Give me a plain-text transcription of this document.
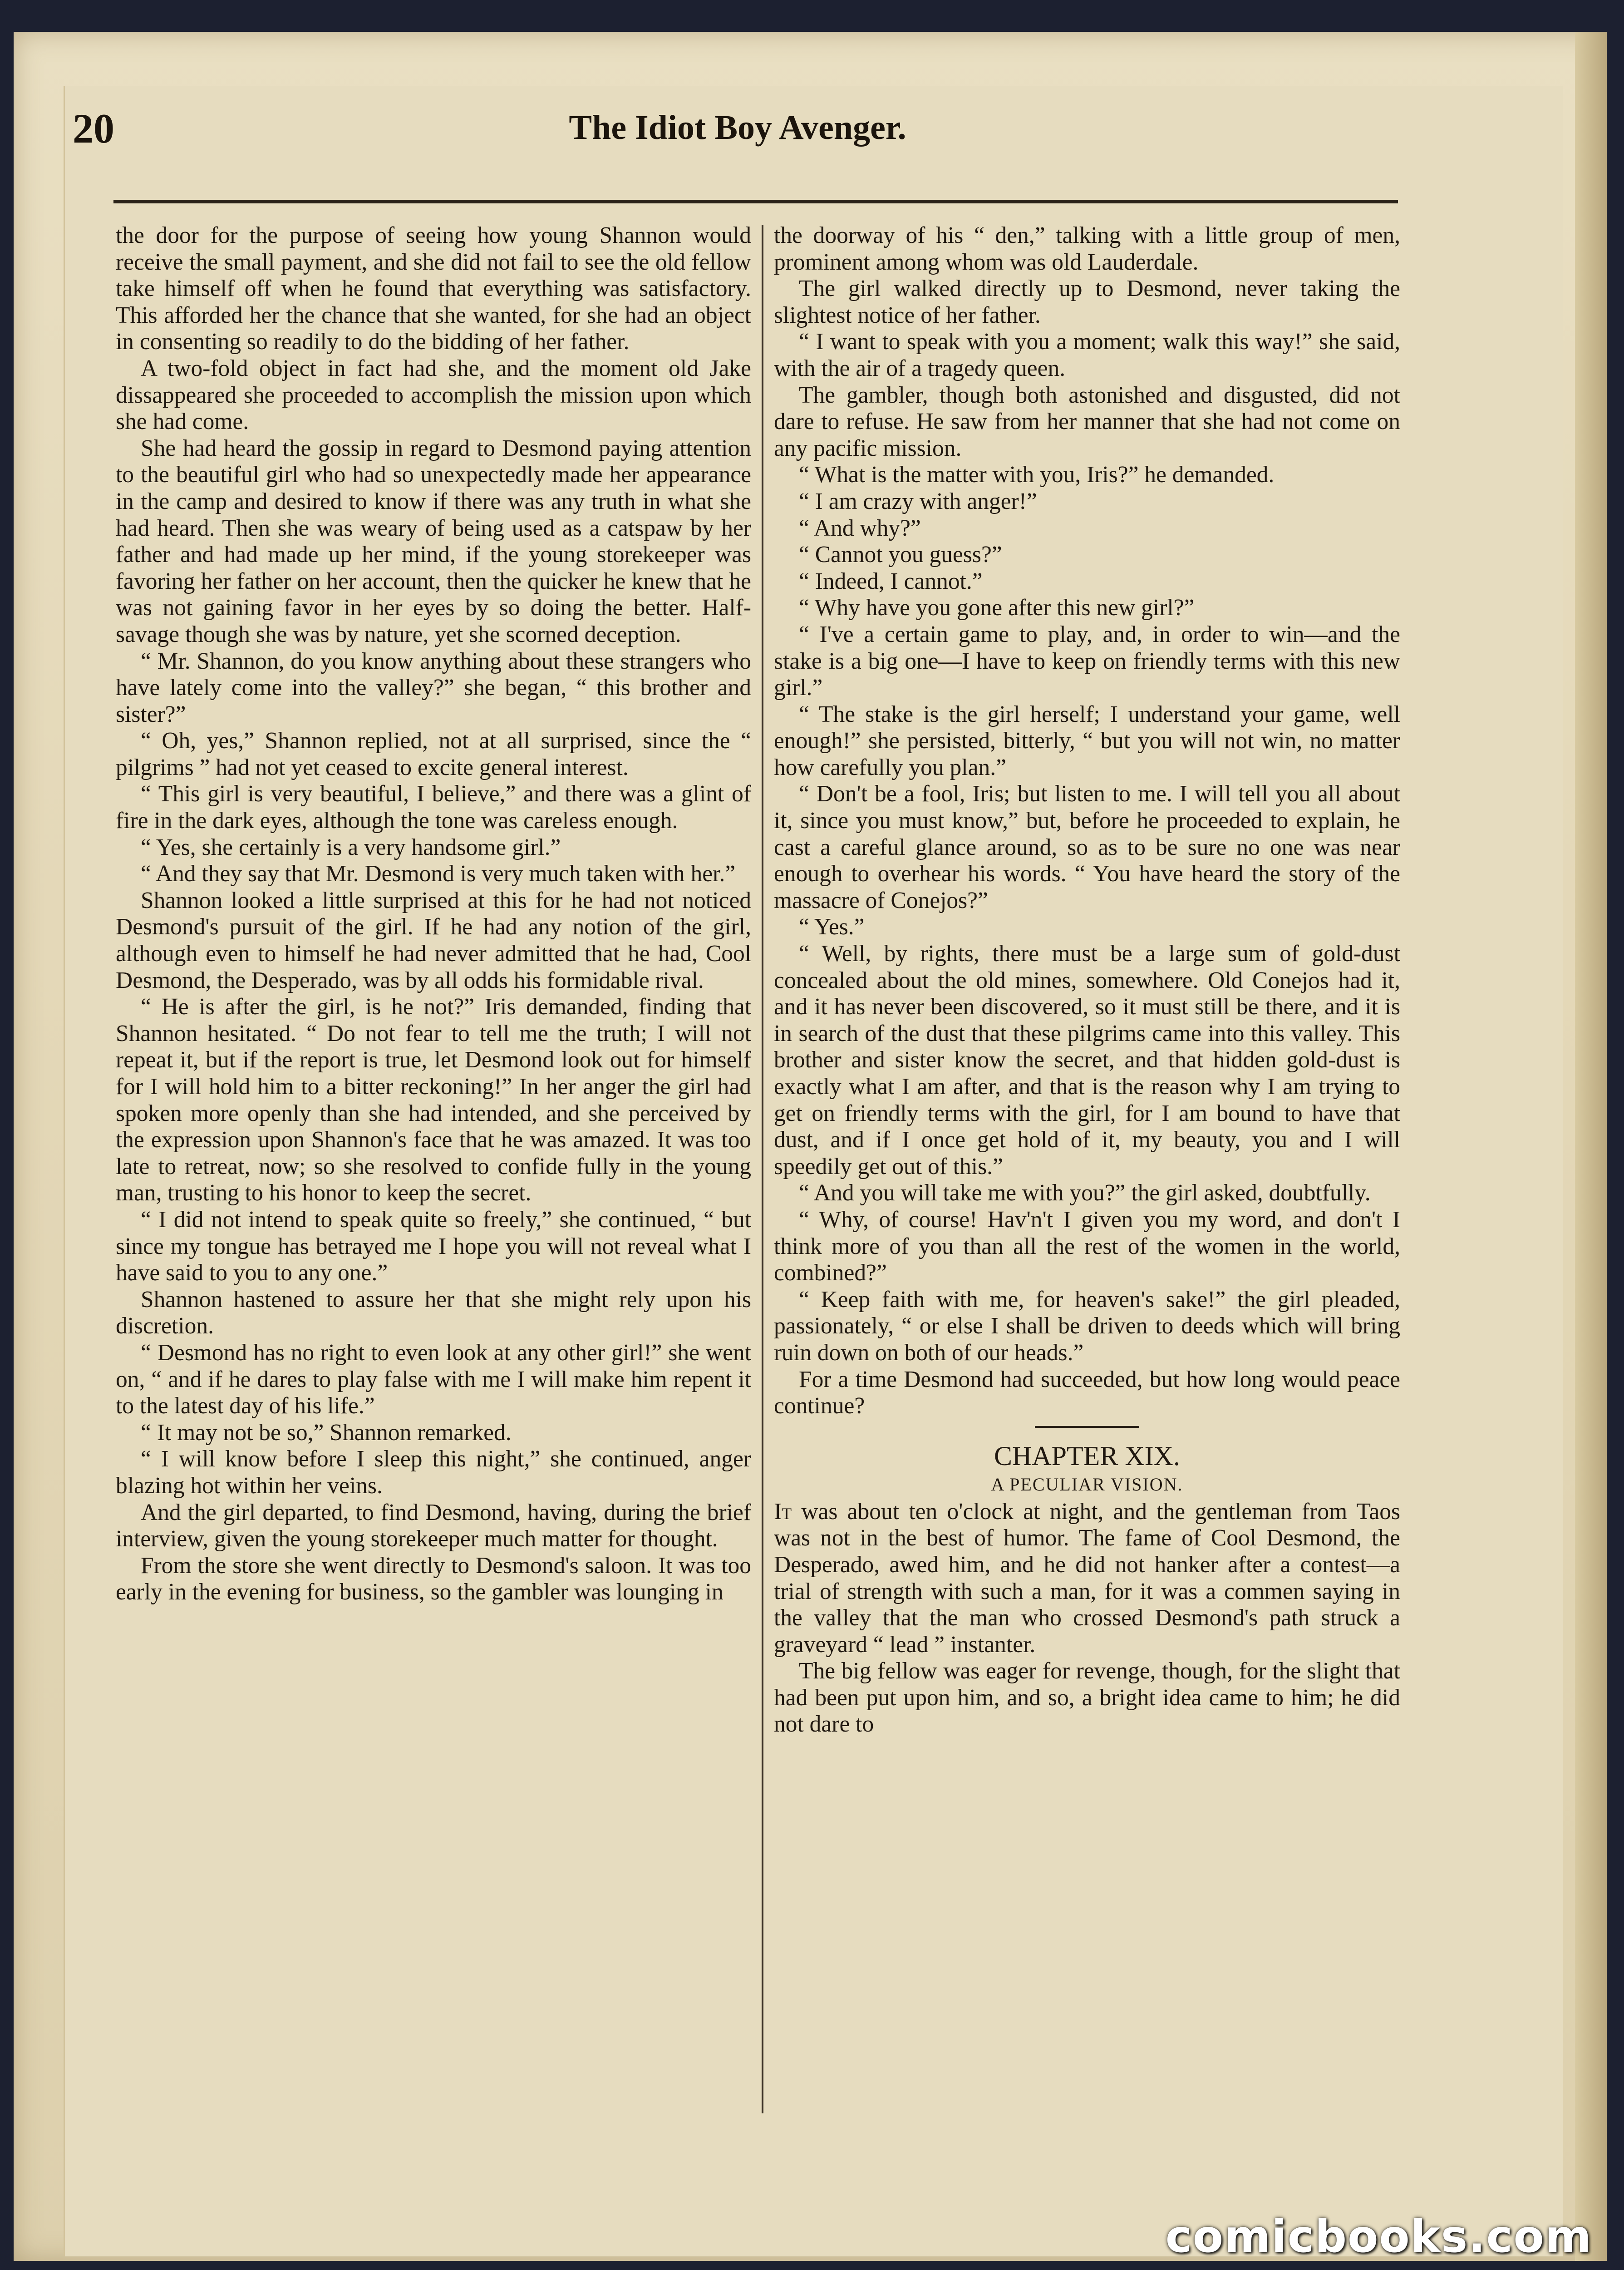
20	The Idiot Boy Avenger.

the door for the purpose of seeing how young Shannon would receive the small payment, and she did not fail to see the old fellow take himself off when he found that everything was satisfactory. This afforded her the chance that she wanted, for she had an object in consenting so readily to do the bidding of her father.

A two-fold object in fact had she, and the moment old Jake dissappeared she proceeded to accomplish the mission upon which she had come.

She had heard the gossip in regard to Desmond paying attention to the beautiful girl who had so unexpectedly made her appearance in the camp and desired to know if there was any truth in what she had heard. Then she was weary of being used as a catspaw by her father and had made up her mind, if the young storekeeper was favoring her father on her account, then the quicker he knew that he was not gaining favor in her eyes by so doing the better. Half-savage though she was by nature, yet she scorned deception.

“ Mr. Shannon, do you know anything about these strangers who have lately come into the valley?” she began, “ this brother and sister?”

“ Oh, yes,” Shannon replied, not at all surprised, since the “ pilgrims ” had not yet ceased to excite general interest.

“ This girl is very beautiful, I believe,” and there was a glint of fire in the dark eyes, although the tone was careless enough.

“ Yes, she certainly is a very handsome girl.”

“ And they say that Mr. Desmond is very much taken with her.”

Shannon looked a little surprised at this for he had not noticed Desmond's pursuit of the girl. If he had any notion of the girl, although even to himself he had never admitted that he had, Cool Desmond, the Desperado, was by all odds his formidable rival.

“ He is after the girl, is he not?” Iris demanded, finding that Shannon hesitated. “ Do not fear to tell me the truth; I will not repeat it, but if the report is true, let Desmond look out for himself for I will hold him to a bitter reckoning!” In her anger the girl had spoken more openly than she had intended, and she perceived by the expression upon Shannon's face that he was amazed. It was too late to retreat, now; so she resolved to confide fully in the young man, trusting to his honor to keep the secret.

“ I did not intend to speak quite so freely,” she continued, “ but since my tongue has betrayed me I hope you will not reveal what I have said to you to any one.”

Shannon hastened to assure her that she might rely upon his discretion.

“ Desmond has no right to even look at any other girl!” she went on, “ and if he dares to play false with me I will make him repent it to the latest day of his life.”

“ It may not be so,” Shannon remarked.

“ I will know before I sleep this night,” she continued, anger blazing hot within her veins.

And the girl departed, to find Desmond, having, during the brief interview, given the young storekeeper much matter for thought.

From the store she went directly to Desmond's saloon. It was too early in the evening for business, so the gambler was lounging in

the doorway of his “ den,” talking with a little group of men, prominent among whom was old Lauderdale.

The girl walked directly up to Desmond, never taking the slightest notice of her father.

“ I want to speak with you a moment; walk this way!” she said, with the air of a tragedy queen.

The gambler, though both astonished and disgusted, did not dare to refuse. He saw from her manner that she had not come on any pacific mission.

“ What is the matter with you, Iris?” he demanded.

“ I am crazy with anger!”

“ And why?”

“ Cannot you guess?”

“ Indeed, I cannot.”

“ Why have you gone after this new girl?”

“ I've a certain game to play, and, in order to win—and the stake is a big one—I have to keep on friendly terms with this new girl.”

“ The stake is the girl herself; I understand your game, well enough!” she persisted, bitterly, “ but you will not win, no matter how carefully you plan.”

“ Don't be a fool, Iris; but listen to me. I will tell you all about it, since you must know,” but, before he proceeded to explain, he cast a careful glance around, so as to be sure no one was near enough to overhear his words. “ You have heard the story of the massacre of Conejos?”

“ Yes.”

“ Well, by rights, there must be a large sum of gold-dust concealed about the old mines, somewhere. Old Conejos had it, and it has never been discovered, so it must still be there, and it is in search of the dust that these pilgrims came into this valley. This brother and sister know the secret, and that hidden gold-dust is exactly what I am after, and that is the reason why I am trying to get on friendly terms with the girl, for I am bound to have that dust, and if I once get hold of it, my beauty, you and I will speedily get out of this.”

“ And you will take me with you?” the girl asked, doubtfully.

“ Why, of course! Hav'n't I given you my word, and don't I think more of you than all the rest of the women in the world, combined?”

“ Keep faith with me, for heaven's sake!” the girl pleaded, passionately, “ or else I shall be driven to deeds which will bring ruin down on both of our heads.”

For a time Desmond had succeeded, but how long would peace continue?

CHAPTER XIX.
A PECULIAR VISION.

It was about ten o'clock at night, and the gentleman from Taos was not in the best of humor. The fame of Cool Desmond, the Desperado, awed him, and he did not hanker after a contest—a trial of strength with such a man, for it was a commen saying in the valley that the man who crossed Desmond's path struck a graveyard “ lead ” instanter.

The big fellow was eager for revenge, though, for the slight that had been put upon him, and so, a bright idea came to him; he did not dare to

comicbooks.com
